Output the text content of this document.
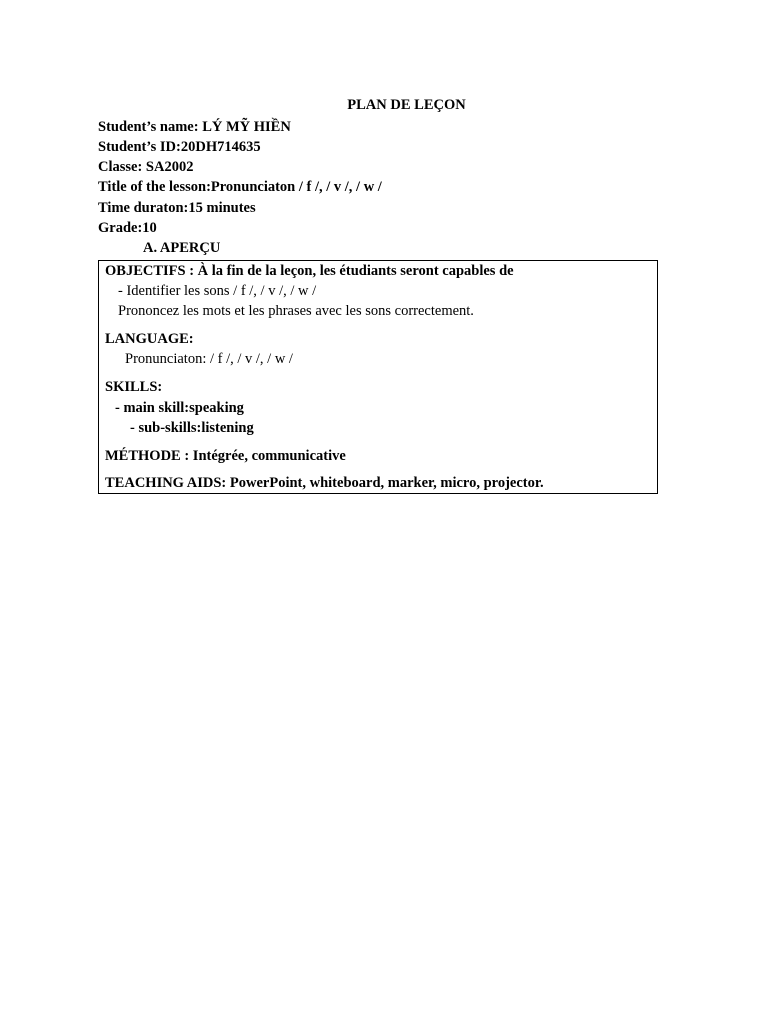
PLAN DE LEÇON
Student’s name: LÝ MỸ HIỀN
Student’s ID:20DH714635
Classe: SA2002
Title of the lesson:Pronunciaton / f /, / v /, / w /
Time duraton:15 minutes
Grade:10
A. APERÇU
OBJECTIFS : À la fin de la leçon, les étudiants seront capables de
- Identifier les sons / f /, / v /, / w /
Prononcez les mots et les phrases avec les sons correctement.
LANGUAGE:
Pronunciaton: / f /, / v /, / w /
SKILLS:
- main skill:speaking
- sub-skills:listening
MÉTHODE : Intégrée, communicative
TEACHING AIDS: PowerPoint, whiteboard, marker, micro, projector.
